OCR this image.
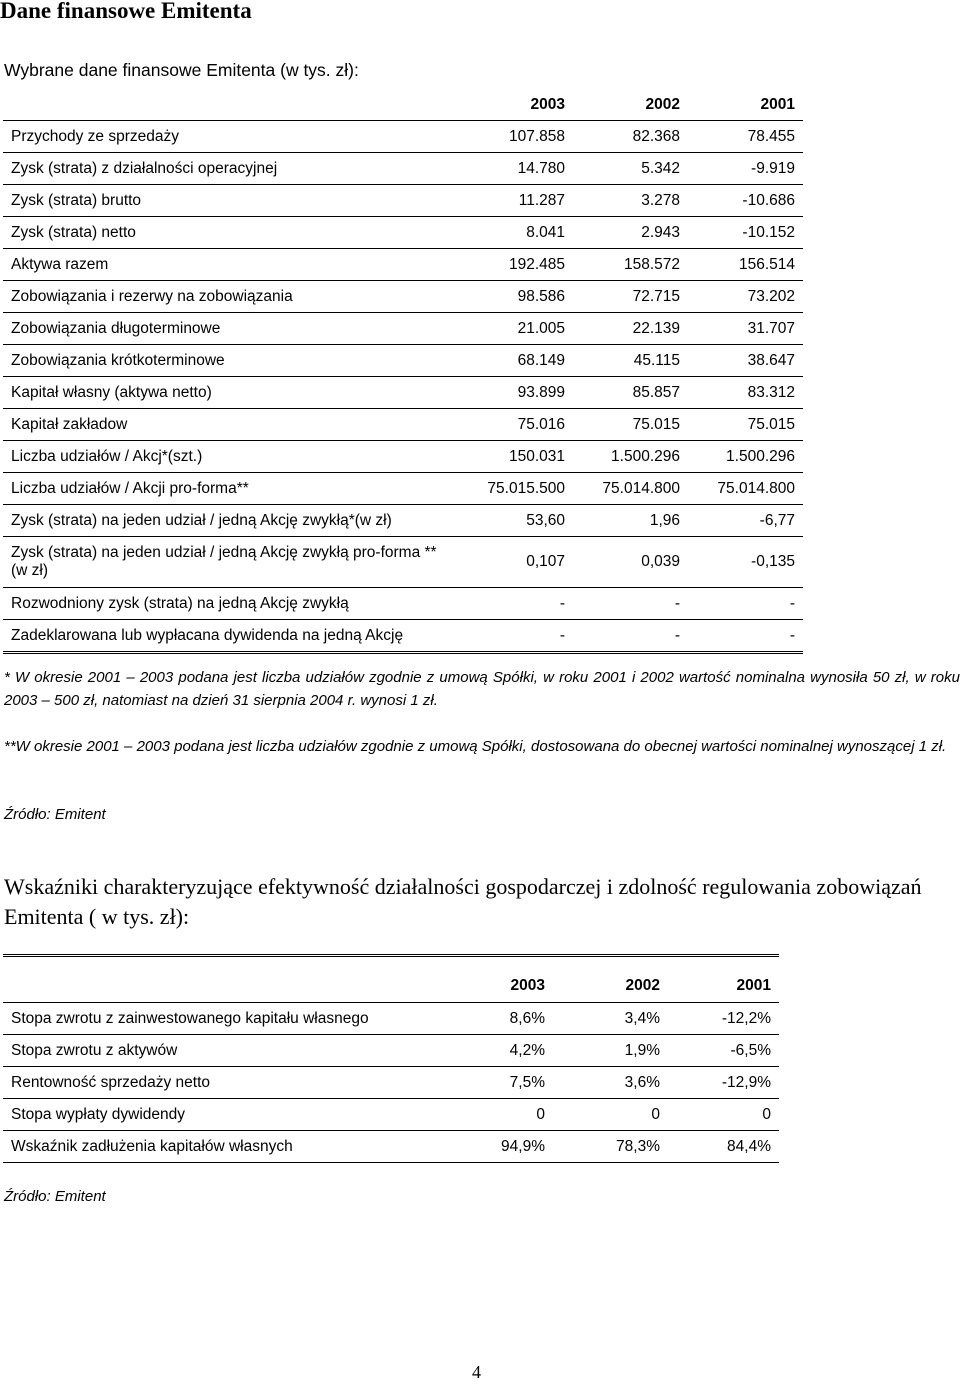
Dane finansowe Emitenta
Wybrane dane finansowe Emitenta (w tys. zł):
	2003	2002	2001
Przychody ze sprzedaży	107.858	82.368	78.455
Zysk (strata) z działalności operacyjnej	14.780	5.342	-9.919
Zysk (strata) brutto	11.287	3.278	-10.686
Zysk (strata) netto	8.041	2.943	-10.152
Aktywa razem	192.485	158.572	156.514
Zobowiązania i rezerwy na zobowiązania	98.586	72.715	73.202
Zobowiązania długoterminowe	21.005	22.139	31.707
Zobowiązania krótkoterminowe	68.149	45.115	38.647
Kapitał własny (aktywa netto)	93.899	85.857	83.312
Kapitał zakładow	75.016	75.015	75.015
Liczba udziałów / Akcj*(szt.)	150.031	1.500.296	1.500.296
Liczba udziałów / Akcji pro-forma**	75.015.500	75.014.800	75.014.800
Zysk (strata) na jeden udział / jedną Akcję zwykłą*(w zł)	53,60	1,96	-6,77
Zysk (strata) na jeden udział / jedną Akcję zwykłą pro-forma ** (w zł)	0,107	0,039	-0,135
Rozwodniony zysk (strata) na jedną Akcję zwykłą	-	-	-
Zadeklarowana lub wypłacana dywidenda na jedną Akcję	-	-	-
* W okresie 2001 – 2003 podana jest liczba udziałów zgodnie z umową Spółki, w roku 2001 i 2002 wartość nominalna wynosiła 50 zł, w roku 2003 – 500 zł, natomiast na dzień 31 sierpnia 2004 r. wynosi 1 zł.
**W okresie 2001 – 2003 podana jest liczba udziałów zgodnie z umową Spółki, dostosowana do obecnej wartości nominalnej wynoszącej 1 zł.
Źródło: Emitent
Wskaźniki charakteryzujące efektywność działalności gospodarczej i zdolność regulowania zobowiązań Emitenta ( w tys. zł):

	2003	2002	2001
Stopa zwrotu z zainwestowanego kapitału własnego	8,6%	3,4%	-12,2%
Stopa zwrotu z aktywów	4,2%	1,9%	-6,5%
Rentowność sprzedaży netto	7,5%	3,6%	-12,9%
Stopa wypłaty dywidendy	0	0	0
Wskaźnik zadłużenia kapitałów własnych	94,9%	78,3%	84,4%
Źródło: Emitent
4
